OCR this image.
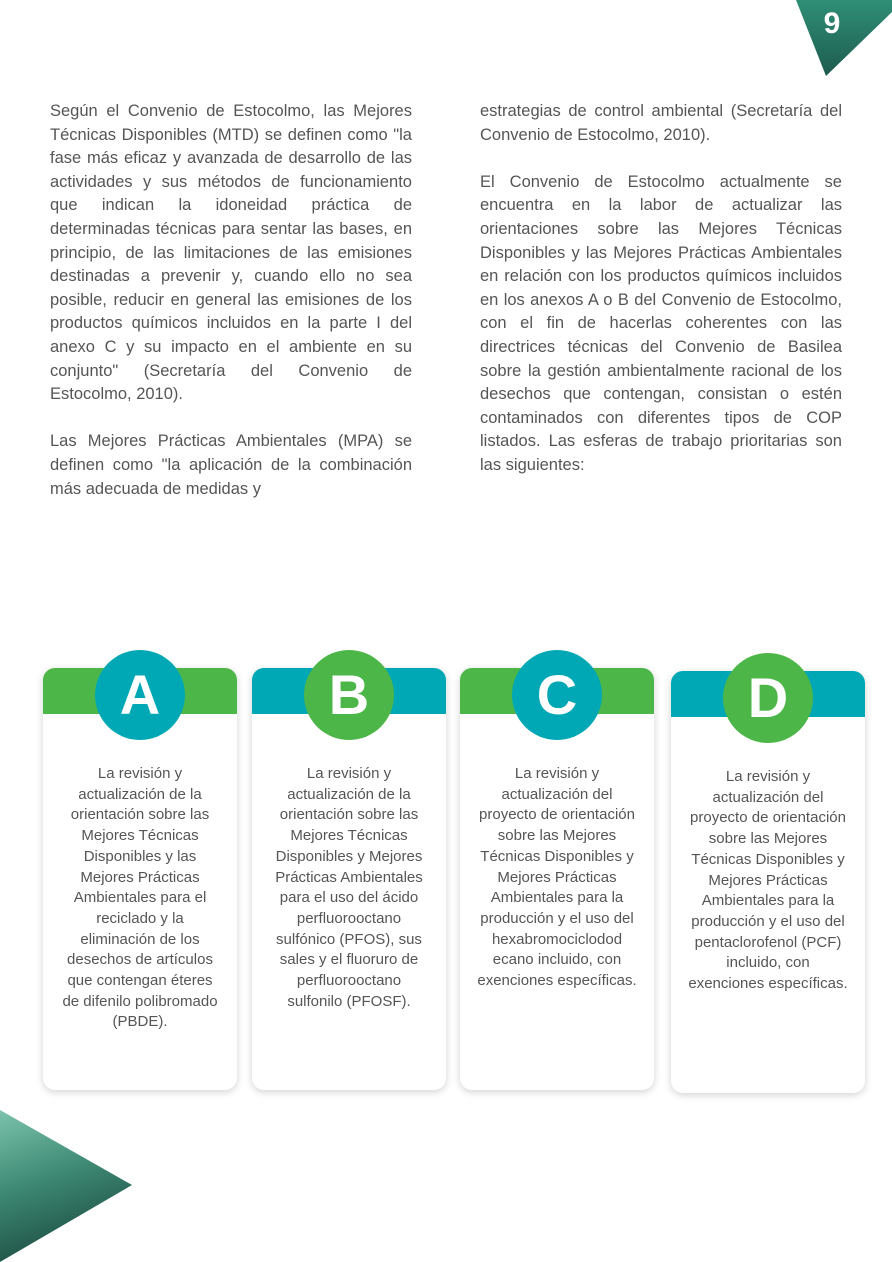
9

Según el Convenio de Estocolmo, las Mejores Técnicas Disponibles (MTD) se definen como "la fase más eficaz y avanzada de desarrollo de las actividades y sus métodos de funcionamiento que indican la idoneidad práctica de determinadas técnicas para sentar las bases, en principio, de las limitaciones de las emisiones destinadas a prevenir y, cuando ello no sea posible, reducir en general las emisiones de los productos químicos incluidos en la parte I del anexo C y su impacto en el ambiente en su conjunto" (Secretaría del Convenio de Estocolmo, 2010).

Las Mejores Prácticas Ambientales (MPA) se definen como "la aplicación de la combinación más adecuada de medidas y

estrategias de control ambiental (Secretaría del Convenio de Estocolmo, 2010).

El Convenio de Estocolmo actualmente se encuentra en la labor de actualizar las orientaciones sobre las Mejores Técnicas Disponibles y las Mejores Prácticas Ambientales en relación con los productos químicos incluidos en los anexos A o B del Convenio de Estocolmo, con el fin de hacerlas coherentes con las directrices técnicas del Convenio de Basilea sobre la gestión ambientalmente racional de los desechos que contengan, consistan o estén contaminados con diferentes tipos de COP listados. Las esferas de trabajo prioritarias son las siguientes:

A
La revisión y actualización de la orientación sobre las Mejores Técnicas Disponibles y las Mejores Prácticas Ambientales para el reciclado y la eliminación de los desechos de artículos que contengan éteres de difenilo polibromado (PBDE).
B
La revisión y actualización de la orientación sobre las Mejores Técnicas Disponibles y Mejores Prácticas Ambientales para el uso del ácido perfluorooctano sulfónico (PFOS), sus sales y el fluoruro de perfluorooctano sulfonilo (PFOSF).
C
La revisión y actualización del proyecto de orientación sobre las Mejores Técnicas Disponibles y Mejores Prácticas Ambientales para la producción y el uso del hexabromociclodod ecano incluido, con exenciones específicas.
D
La revisión y actualización del proyecto de orientación sobre las Mejores Técnicas Disponibles y Mejores Prácticas Ambientales para la producción y el uso del pentaclorofenol (PCF) incluido, con exenciones específicas.
